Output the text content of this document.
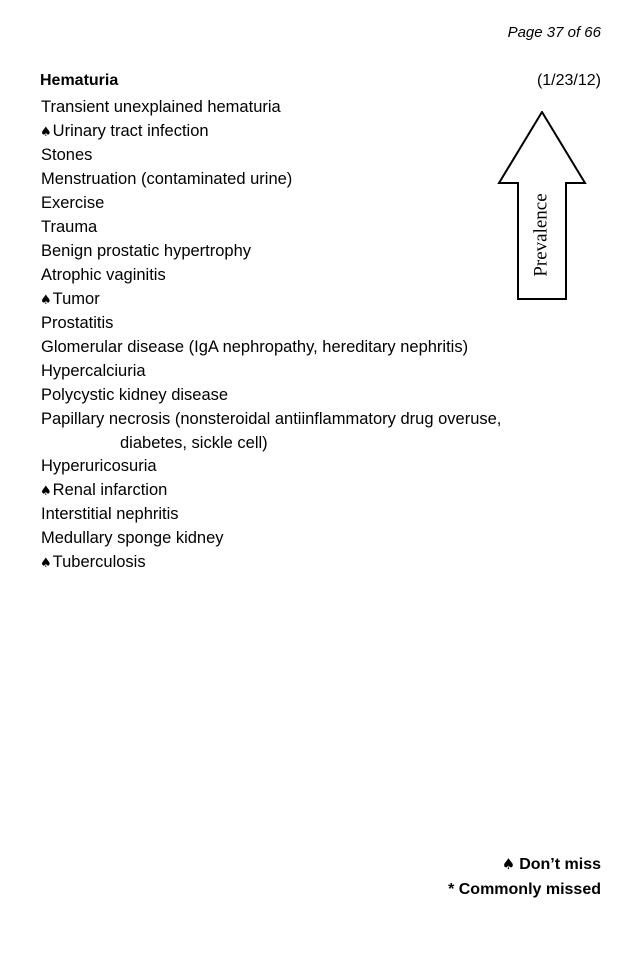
Page 37 of 66
Hematuria	(1/23/12)
Transient unexplained hematuria
♠Urinary tract infection
Stones
Menstruation (contaminated urine)
Exercise
Trauma
Benign prostatic hypertrophy
Atrophic vaginitis
♠Tumor
Prostatitis
Glomerular disease (IgA nephropathy, hereditary nephritis)
Hypercalciuria
Polycystic kidney disease
Papillary necrosis (nonsteroidal antiinflammatory drug overuse,
diabetes, sickle cell)
Hyperuricosuria
♠Renal infarction
Interstitial nephritis
Medullary sponge kidney
♠Tuberculosis
Prevalence
♠ Don’t miss
* Commonly missed
